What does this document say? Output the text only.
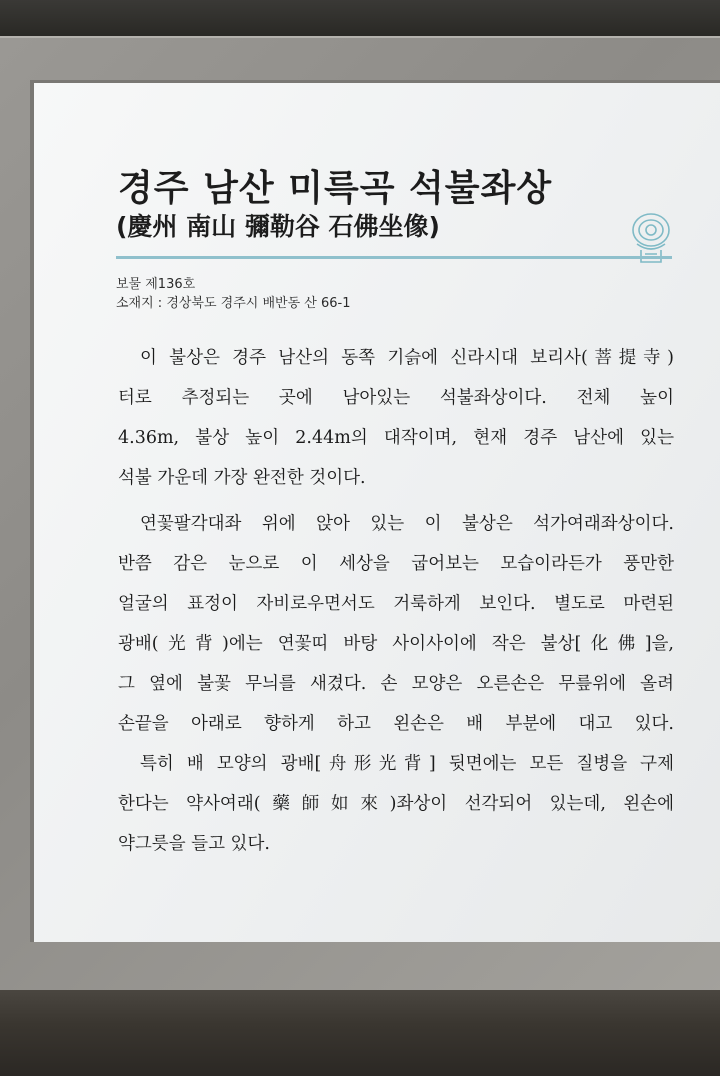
경주 남산 미륵곡 석불좌상
(慶州 南山 彌勒谷 石佛坐像)
보물 제136호
소재지 : 경상북도 경주시 배반동 산 66-1
이 불상은 경주 남산의 동쪽 기슭에 신라시대 보리사(菩提寺)
터로 추정되는 곳에 남아있는 석불좌상이다. 전체 높이
4.36m, 불상 높이 2.44m의 대작이며, 현재 경주 남산에 있는
석불 가운데 가장 완전한 것이다.
연꽃팔각대좌 위에 앉아 있는 이 불상은 석가여래좌상이다.
반쯤 감은 눈으로 이 세상을 굽어보는 모습이라든가 풍만한
얼굴의 표정이 자비로우면서도 거룩하게 보인다. 별도로 마련된
광배(光背)에는 연꽃띠 바탕 사이사이에 작은 불상[化佛]을,
그 옆에 불꽃 무늬를 새겼다. 손 모양은 오른손은 무릎위에 올려
손끝을 아래로 향하게 하고 왼손은 배 부분에 대고 있다.
특히 배 모양의 광배[舟形光背] 뒷면에는 모든 질병을 구제
한다는 약사여래(藥師如來)좌상이 선각되어 있는데, 왼손에
약그릇을 들고 있다.
